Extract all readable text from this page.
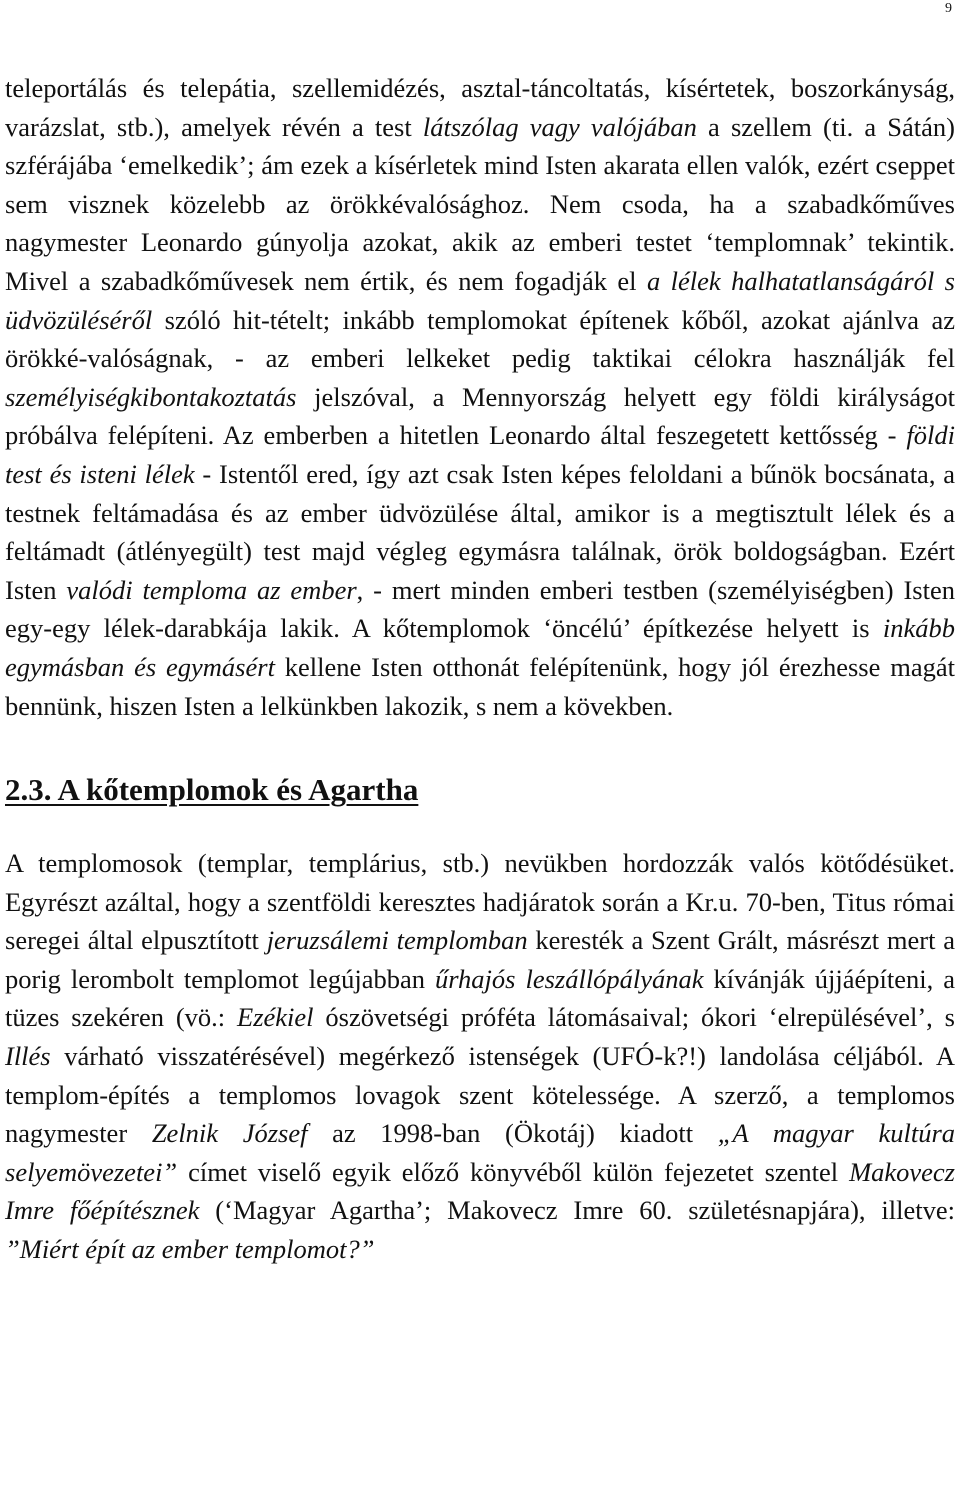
9

teleportálás és telepátia, szellemidézés, asztal-táncoltatás, kísértetek, boszorkányság, varázslat, stb.), amelyek révén a test látszólag vagy valójában a szellem (ti. a Sátán) szférájába ‘emelkedik’; ám ezek a kísérletek mind Isten akarata ellen valók, ezért cseppet sem visznek közelebb az örökkévalósághoz. Nem csoda, ha a szabadkőműves nagymester Leonardo gúnyolja azokat, akik az emberi testet ‘templomnak’ tekintik. Mivel a szabadkőművesek nem értik, és nem fogadják el a lélek halhatatlanságáról s üdvözüléséről szóló hit-tételt; inkább templomokat építenek kőből, azokat ajánlva az örökké-valóságnak, - az emberi lelkeket pedig taktikai célokra használják fel személyiségkibontakoztatás jelszóval, a Mennyország helyett egy földi királyságot próbálva felépíteni. Az emberben a hitetlen Leonardo által feszegetett kettősség - földi test és isteni lélek - Istentől ered, így azt csak Isten képes feloldani a bűnök bocsánata, a testnek feltámadása és az ember üdvözülése által, amikor is a megtisztult lélek és a feltámadt (átlényegült) test majd végleg egymásra találnak, örök boldogságban. Ezért Isten valódi temploma az ember, - mert minden emberi testben (személyiségben) Isten egy-egy lélek-darabkája lakik. A kőtemplomok ‘öncélú’ építkezése helyett is inkább egymásban és egymásért kellene Isten otthonát felépítenünk, hogy jól érezhesse magát bennünk, hiszen Isten a lelkünkben lakozik, s nem a kövekben.

2.3. A kőtemplomok és Agartha

A templomosok (templar, templárius, stb.) nevükben hordozzák valós kötődésüket. Egyrészt azáltal, hogy a szentföldi keresztes hadjáratok során a Kr.u. 70-ben, Titus római seregei által elpusztított jeruzsálemi templomban keresték a Szent Grált, másrészt mert a porig lerombolt templomot legújabban űrhajós leszállópályának kívánják újjáépíteni, a tüzes szekéren (vö.: Ezékiel ószövetségi próféta látomásaival; ókori ‘elrepülésével’, s Illés várható visszatérésével) megérkező istenségek (UFÓ-k?!) landolása céljából. A templom-építés a templomos lovagok szent kötelessége. A szerző, a templomos nagymester Zelnik József az 1998-ban (Ökotáj) kiadott „A magyar kultúra selyemövezetei” címet viselő egyik előző könyvéből külön fejezetet szentel Makovecz Imre főépítésznek (‘Magyar Agartha’; Makovecz Imre 60. születésnapjára), illetve: ”Miért épít az ember templomot?”
